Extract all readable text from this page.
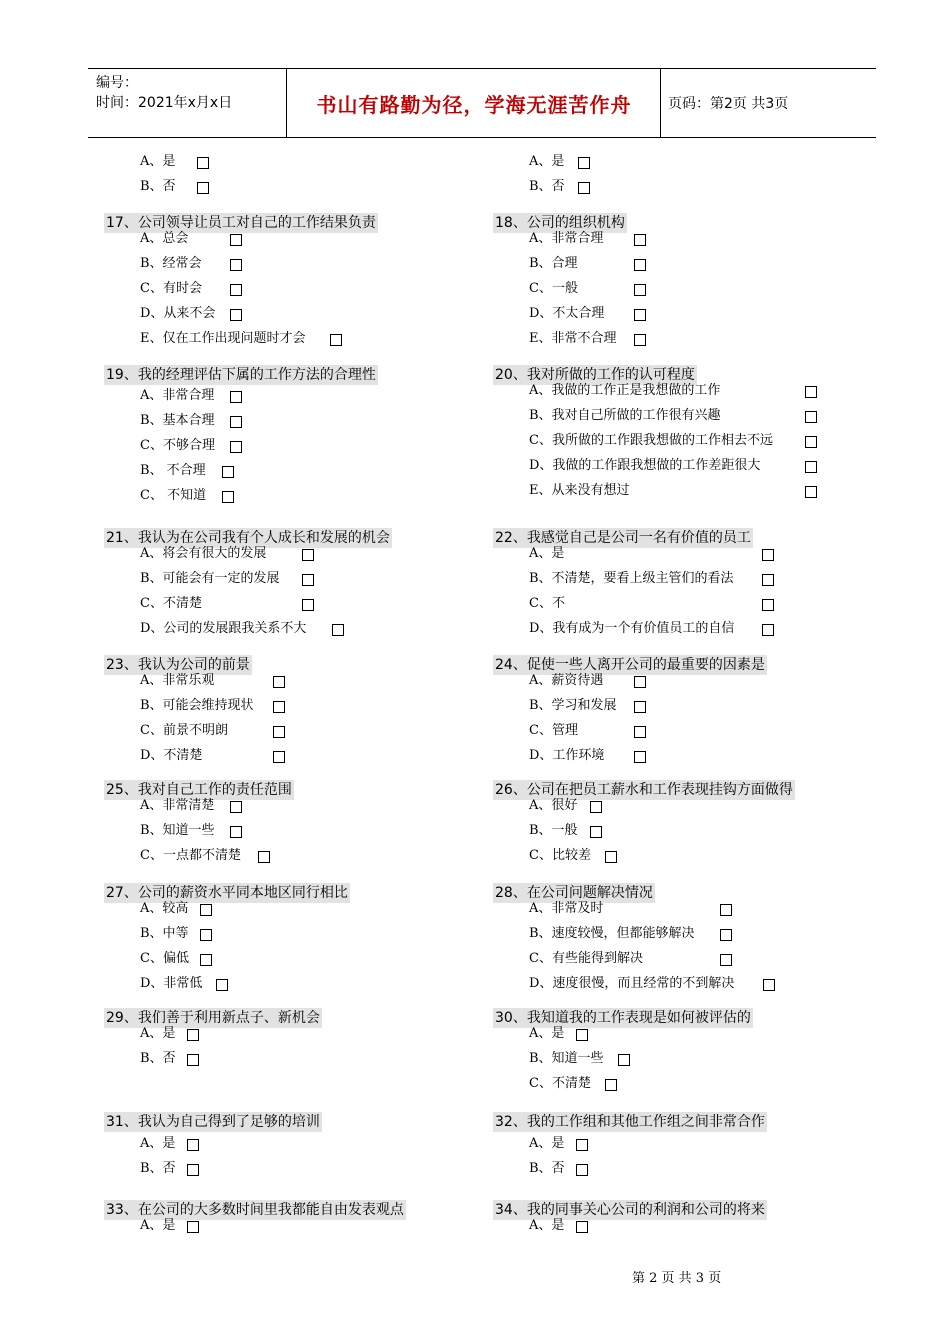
编号：
时间：2021年x月x日	书山有路勤为径，学海无涯苦作舟	页码：第2页 共3页
A、是
B、否
A、是
B、否
17、公司领导让员工对自己的工作结果负责
A、总会
B、经常会
C、有时会
D、从来不会
E、仅在工作出现问题时才会
18、公司的组织机构
A、非常合理
B、合理
C、一般
D、不太合理
E、非常不合理
19、我的经理评估下属的工作方法的合理性
A、非常合理
B、基本合理
C、不够合理
B、 不合理
C、 不知道
20、我对所做的工作的认可程度
A、我做的工作正是我想做的工作
B、我对自己所做的工作很有兴趣
C、我所做的工作跟我想做的工作相去不远
D、我做的工作跟我想做的工作差距很大
E、从来没有想过
21、我认为在公司我有个人成长和发展的机会
A、将会有很大的发展
B、可能会有一定的发展
C、不清楚
D、公司的发展跟我关系不大
22、我感觉自己是公司一名有价值的员工
A、是
B、不清楚，要看上级主管们的看法
C、不
D、我有成为一个有价值员工的自信
23、我认为公司的前景
A、非常乐观
B、可能会维持现状
C、前景不明朗
D、不清楚
24、促使一些人离开公司的最重要的因素是
A、薪资待遇
B、学习和发展
C、管理
D、工作环境
25、我对自己工作的责任范围
A、非常清楚
B、知道一些
C、一点都不清楚
26、公司在把员工薪水和工作表现挂钩方面做得
A、很好
B、一般
C、比较差
27、公司的薪资水平同本地区同行相比
A、较高
B、中等
C、偏低
D、非常低
28、在公司问题解决情况
A、非常及时
B、速度较慢，但都能够解决
C、有些能得到解决
D、速度很慢，而且经常的不到解决
29、我们善于利用新点子、新机会
A、是
B、否
30、我知道我的工作表现是如何被评估的
A、是
B、知道一些
C、不清楚
31、我认为自己得到了足够的培训
A、是
B、否
32、我的工作组和其他工作组之间非常合作
A、是
B、否
33、在公司的大多数时间里我都能自由发表观点
A、是
34、我的同事关心公司的利润和公司的将来
A、是
第 2 页 共 3 页
